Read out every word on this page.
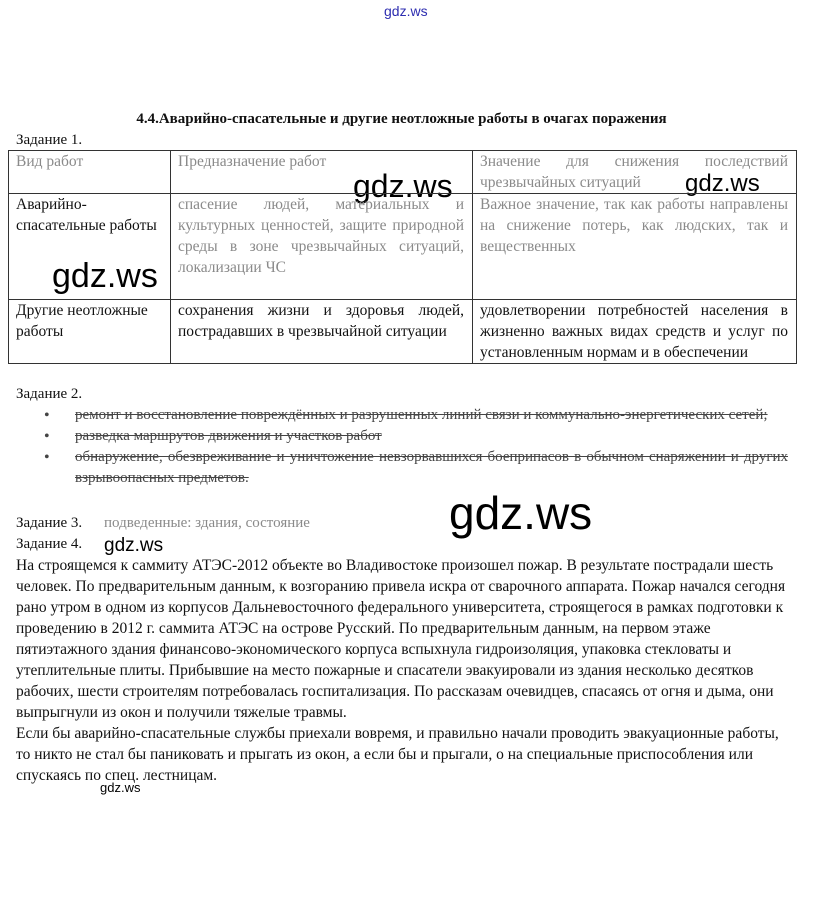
gdz.ws
gdz.ws	gdz.ws
gdz.ws
4.4.Аварийно-спасательные и другие неотложные работы в очагах поражения
Задание 1.
Вид работ	Предназначение работ	Значение для снижения последствий чрезвычайных ситуаций
Аварийно-спасательные работы	спасение людей, материальных и культурных ценностей, защите природной среды в зоне чрезвычайных ситуаций, локализации ЧС	Важное значение, так как работы направлены на снижение потерь, как людских, так и вещественных
Другие неотложные работы	сохранения жизни и здоровья людей, пострадавших в чрезвычайной ситуации	удовлетворении потребностей населения в жизненно важных видах средств и услуг по установленным нормам и в обеспечении
Задание 2.
• ремонт и восстановление повреждённых и разрушенных линий связи и коммунально-энергетических сетей;
• разведка маршрутов движения и участков работ
• обнаружение, обезвреживание и уничтожение невзорвавшихся боеприпасов в обычном снаряжении и других взрывоопасных предметов.
Задание 3. подведенные: здания, состояние	gdz.ws
Задание 4. gdz.ws

На строящемся к саммиту АТЭС-2012 объекте во Владивостоке произошел пожар. В результате пострадали шесть человек. По предварительным данным, к возгоранию привела искра от сварочного аппарата. Пожар начался сегодня рано утром в одном из корпусов Дальневосточного федерального университета, строящегося в рамках подготовки к проведению в 2012 г. саммита АТЭС на острове Русский. По предварительным данным, на первом этаже пятиэтажного здания финансово-экономического корпуса вспыхнула гидроизоляция, упаковка стекловаты и утеплительные плиты. Прибывшие на место пожарные и спасатели эвакуировали из здания несколько десятков рабочих, шести строителям потребовалась госпитализация. По рассказам очевидцев, спасаясь от огня и дыма, они выпрыгнули из окон и получили тяжелые травмы.

Если бы аварийно-спасательные службы приехали вовремя, и правильно начали проводить эвакуационные работы, то никто не стал бы паниковать и прыгать из окон, а если бы и прыгали, о на специальные приспособления или спускаясь по спец. лестницам.

gdz.ws
